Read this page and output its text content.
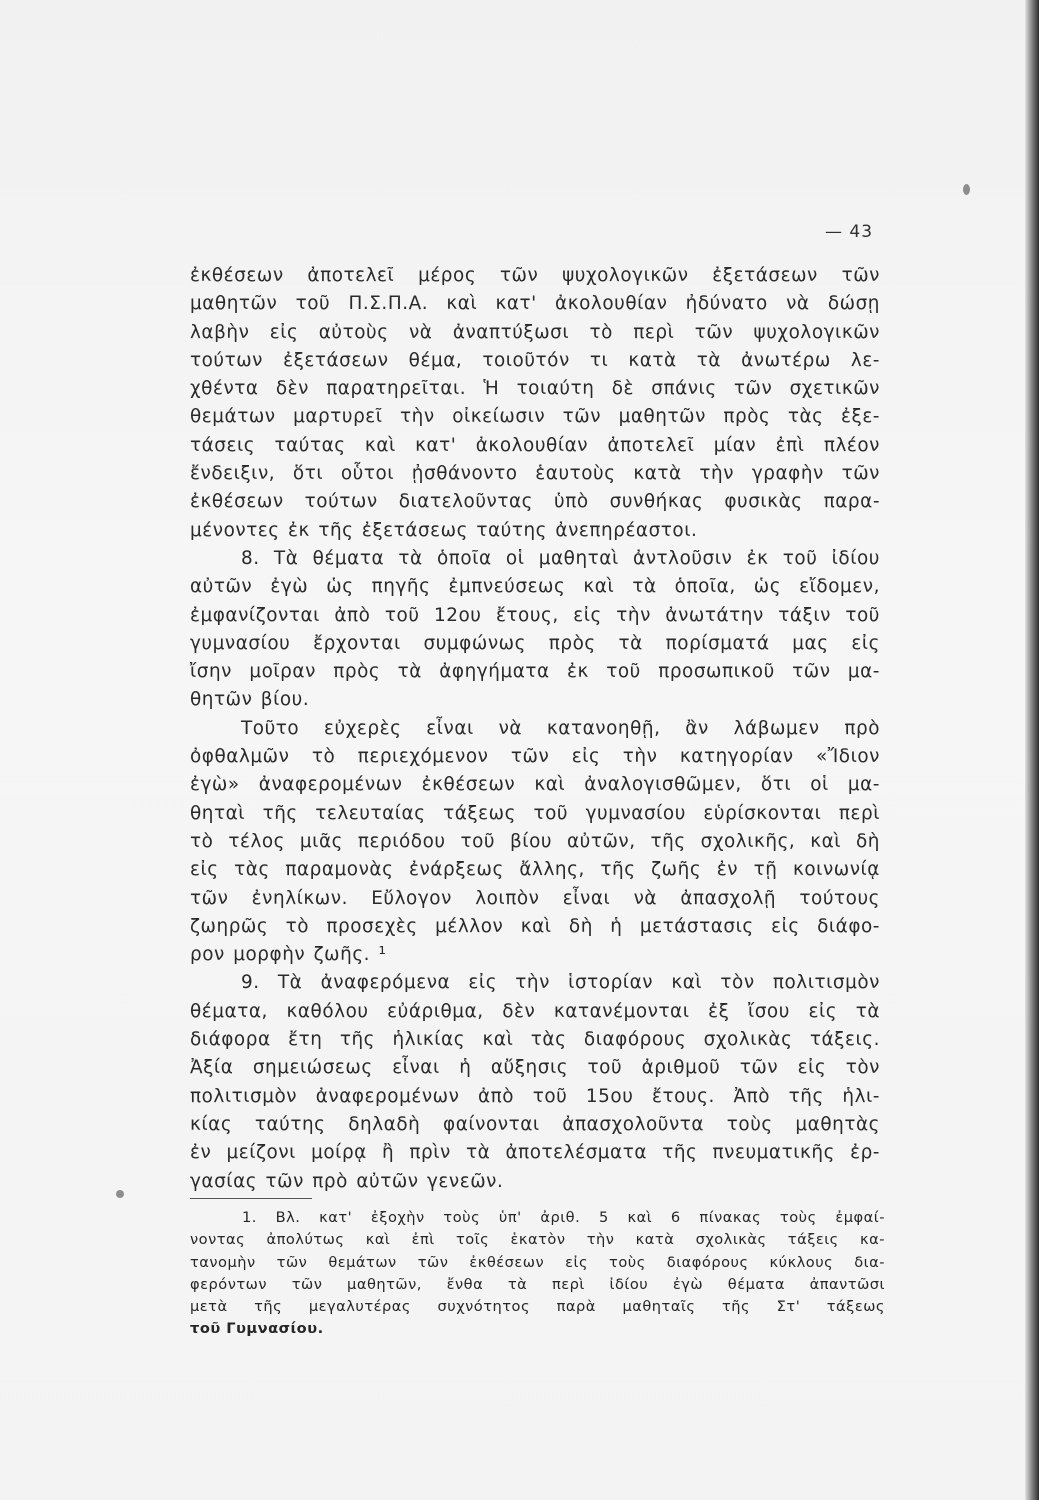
— 43
ἐκθέσεων ἀποτελεῖ μέρος τῶν ψυχολογικῶν ἐξετάσεων τῶν
μαθητῶν τοῦ Π.Σ.Π.Α. καὶ κατ' ἀκολουθίαν ἠδύνατο νὰ δώσῃ
λαβὴν εἰς αὐτοὺς νὰ ἀναπτύξωσι τὸ περὶ τῶν ψυχολογικῶν
τούτων ἐξετάσεων θέμα, τοιοῦτόν τι κατὰ τὰ ἀνωτέρω λε-
χθέντα δὲν παρατηρεῖται. Ἡ τοιαύτη δὲ σπάνις τῶν σχετικῶν
θεμάτων μαρτυρεῖ τὴν οἰκείωσιν τῶν μαθητῶν πρὸς τὰς ἐξε-
τάσεις ταύτας καὶ κατ' ἀκολουθίαν ἀποτελεῖ μίαν ἐπὶ πλέον
ἔνδειξιν, ὅτι οὗτοι ᾐσθάνοντο ἑαυτοὺς κατὰ τὴν γραφὴν τῶν
ἐκθέσεων τούτων διατελοῦντας ὑπὸ συνθήκας φυσικὰς παρα-
μένοντες ἐκ τῆς ἐξετάσεως ταύτης ἀνεπηρέαστοι.
8. Τὰ θέματα τὰ ὁποῖα οἱ μαθηταὶ ἀντλοῦσιν ἐκ τοῦ ἰδίου
αὐτῶν ἐγὼ ὡς πηγῆς ἐμπνεύσεως καὶ τὰ ὁποῖα, ὡς εἴδομεν,
ἐμφανίζονται ἀπὸ τοῦ 12ου ἔτους, εἰς τὴν ἀνωτάτην τάξιν τοῦ
γυμνασίου ἔρχονται συμφώνως πρὸς τὰ πορίσματά μας εἰς
ἴσην μοῖραν πρὸς τὰ ἀφηγήματα ἐκ τοῦ προσωπικοῦ τῶν μα-
θητῶν βίου.
Τοῦτο εὐχερὲς εἶναι νὰ κατανοηθῇ, ἂν λάβωμεν πρὸ
ὀφθαλμῶν τὸ περιεχόμενον τῶν εἰς τὴν κατηγορίαν «Ἴδιον
ἐγὼ» ἀναφερομένων ἐκθέσεων καὶ ἀναλογισθῶμεν, ὅτι οἱ μα-
θηταὶ τῆς τελευταίας τάξεως τοῦ γυμνασίου εὑρίσκονται περὶ
τὸ τέλος μιᾶς περιόδου τοῦ βίου αὐτῶν, τῆς σχολικῆς, καὶ δὴ
εἰς τὰς παραμονὰς ἐνάρξεως ἄλλης, τῆς ζωῆς ἐν τῇ κοινωνίᾳ
τῶν ἐνηλίκων. Εὔλογον λοιπὸν εἶναι νὰ ἀπασχολῇ τούτους
ζωηρῶς τὸ προσεχὲς μέλλον καὶ δὴ ἡ μετάστασις εἰς διάφο-
ρον μορφὴν ζωῆς. ¹
9. Τὰ ἀναφερόμενα εἰς τὴν ἱστορίαν καὶ τὸν πολιτισμὸν
θέματα, καθόλου εὐάριθμα, δὲν κατανέμονται ἐξ ἴσου εἰς τὰ
διάφορα ἔτη τῆς ἡλικίας καὶ τὰς διαφόρους σχολικὰς τάξεις.
Ἀξία σημειώσεως εἶναι ἡ αὔξησις τοῦ ἀριθμοῦ τῶν εἰς τὸν
πολιτισμὸν ἀναφερομένων ἀπὸ τοῦ 15ου ἔτους. Ἀπὸ τῆς ἡλι-
κίας ταύτης δηλαδὴ φαίνονται ἀπασχολοῦντα τοὺς μαθητὰς
ἐν μείζονι μοίρᾳ ἢ πρὶν τὰ ἀποτελέσματα τῆς πνευματικῆς ἐρ-
γασίας τῶν πρὸ αὐτῶν γενεῶν.
1. Βλ. κατ' ἐξοχὴν τοὺς ὑπ' ἀριθ. 5 καὶ 6 πίνακας τοὺς ἐμφαί-
νοντας ἀπολύτως καὶ ἐπὶ τοῖς ἑκατὸν τὴν κατὰ σχολικὰς τάξεις κα-
τανομὴν τῶν θεμάτων τῶν ἐκθέσεων εἰς τοὺς διαφόρους κύκλους δια-
φερόντων τῶν μαθητῶν, ἔνθα τὰ περὶ ἰδίου ἐγὼ θέματα ἀπαντῶσι
μετὰ τῆς μεγαλυτέρας συχνότητος παρὰ μαθηταῖς τῆς Στ' τάξεως
τοῦ Γυμνασίου.
